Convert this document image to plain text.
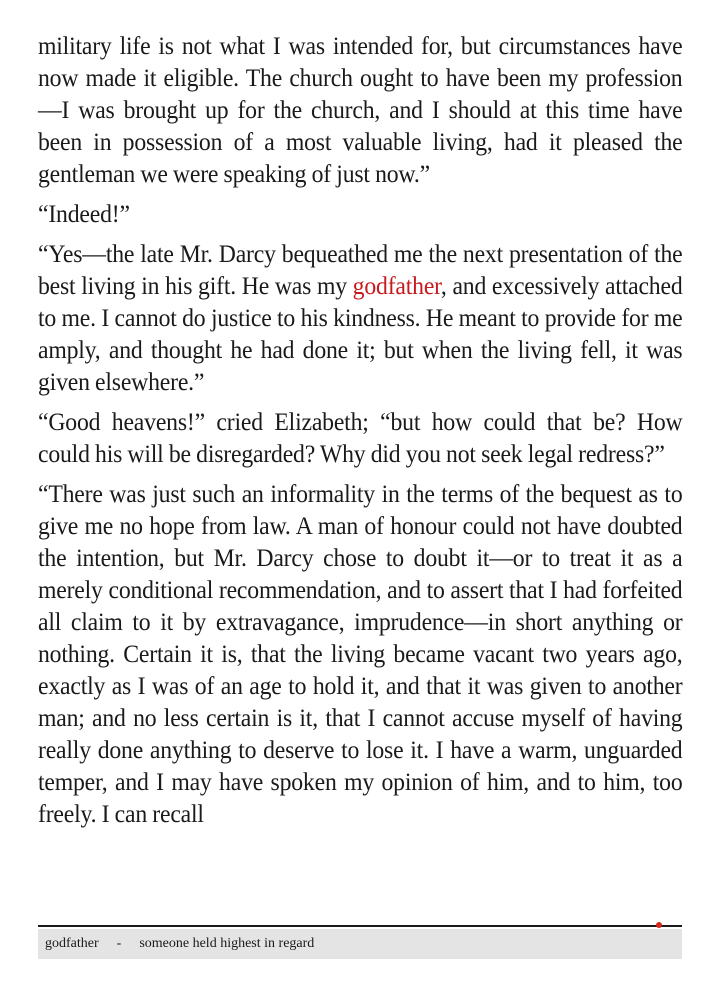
military life is not what I was intended for, but circumstances have now made it eligible. The church ought to have been my profession—I was brought up for the church, and I should at this time have been in possession of a most valuable living, had it pleased the gentleman we were speaking of just now.”

“Indeed!”

“Yes—the late Mr. Darcy bequeathed me the next presentation of the best living in his gift. He was my godfather, and excessively attached to me. I cannot do justice to his kindness. He meant to provide for me amply, and thought he had done it; but when the living fell, it was given elsewhere.”

“Good heavens!” cried Elizabeth; “but how could that be? How could his will be disregarded? Why did you not seek legal redress?”

“There was just such an informality in the terms of the bequest as to give me no hope from law. A man of honour could not have doubted the intention, but Mr. Darcy chose to doubt it—or to treat it as a merely conditional recommendation, and to assert that I had forfeited all claim to it by extravagance, imprudence—in short anything or nothing. Certain it is, that the living became vacant two years ago, exactly as I was of an age to hold it, and that it was given to another man; and no less certain is it, that I cannot accuse myself of having really done anything to deserve to lose it. I have a warm, unguarded temper, and I may have spoken my opinion of him, and to him, too freely. I can recall

godfather - someone held highest in regard
